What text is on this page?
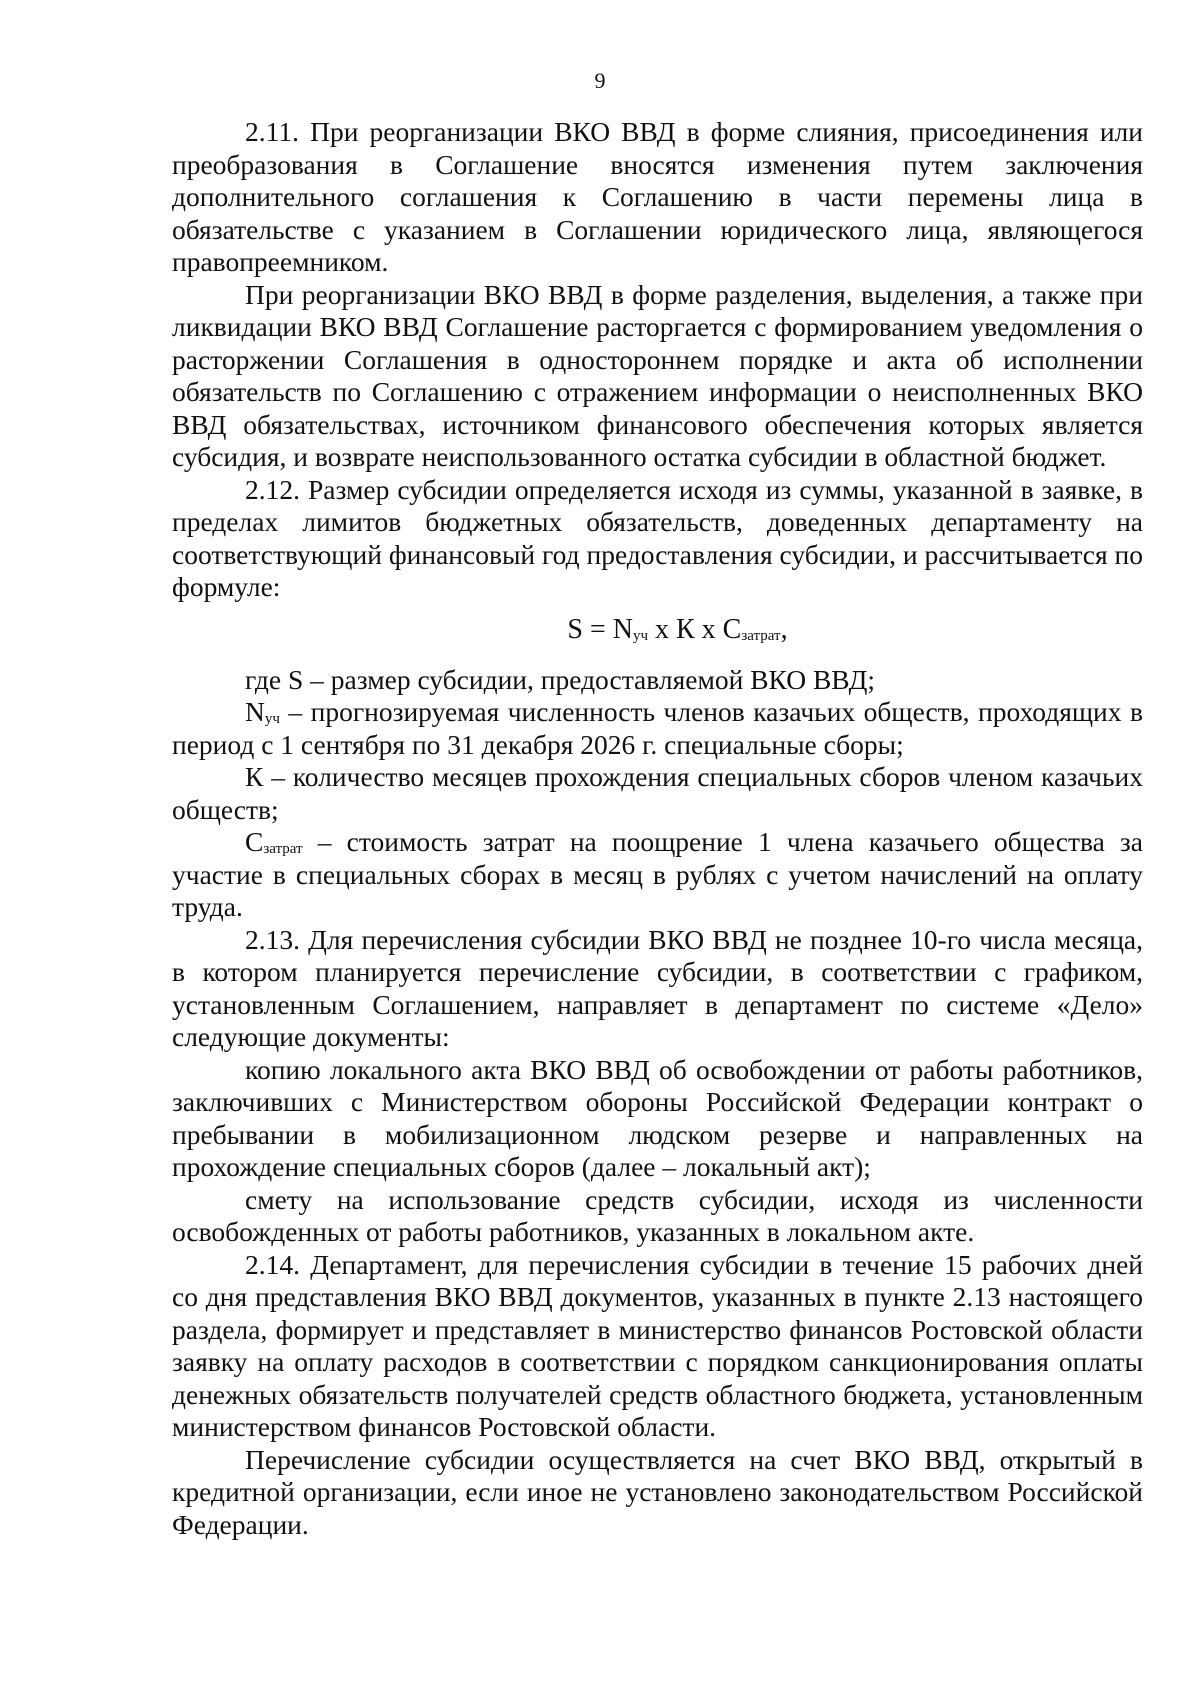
9

2.11. При реорганизации ВКО ВВД в форме слияния, присоединения или преобразования в Соглашение вносятся изменения путем заключения дополнительного соглашения к Соглашению в части перемены лица в обязательстве с указанием в Соглашении юридического лица, являющегося правопреемником.

При реорганизации ВКО ВВД в форме разделения, выделения, а также при ликвидации ВКО ВВД Соглашение расторгается с формированием уведомления о расторжении Соглашения в одностороннем порядке и акта об исполнении обязательств по Соглашению с отражением информации о неисполненных ВКО ВВД обязательствах, источником финансового обеспечения которых является субсидия, и возврате неиспользованного остатка субсидии в областной бюджет.

2.12. Размер субсидии определяется исходя из суммы, указанной в заявке, в пределах лимитов бюджетных обязательств, доведенных департаменту на соответствующий финансовый год предоставления субсидии, и рассчитывается по формуле:

S = Nуч х К х Сзатрат,

где S – размер субсидии, предоставляемой ВКО ВВД;

Nуч – прогнозируемая численность членов казачьих обществ, проходящих в период с 1 сентября по 31 декабря 2026 г. специальные сборы;

К – количество месяцев прохождения специальных сборов членом казачьих обществ;

Сзатрат – стоимость затрат на поощрение 1 члена казачьего общества за участие в специальных сборах в месяц в рублях с учетом начислений на оплату труда.

2.13. Для перечисления субсидии ВКО ВВД не позднее 10-го числа месяца, в котором планируется перечисление субсидии, в соответствии с графиком, установленным Соглашением, направляет в департамент по системе «Дело» следующие документы:

копию локального акта ВКО ВВД об освобождении от работы работников, заключивших с Министерством обороны Российской Федерации контракт о пребывании в мобилизационном людском резерве и направленных на прохождение специальных сборов (далее – локальный акт);

смету на использование средств субсидии, исходя из численности освобожденных от работы работников, указанных в локальном акте.

2.14. Департамент, для перечисления субсидии в течение 15 рабочих дней со дня представления ВКО ВВД документов, указанных в пункте 2.13 настоящего раздела, формирует и представляет в министерство финансов Ростовской области заявку на оплату расходов в соответствии с порядком санкционирования оплаты денежных обязательств получателей средств областного бюджета, установленным министерством финансов Ростовской области.

Перечисление субсидии осуществляется на счет ВКО ВВД, открытый в кредитной организации, если иное не установлено законодательством Российской Федерации.
